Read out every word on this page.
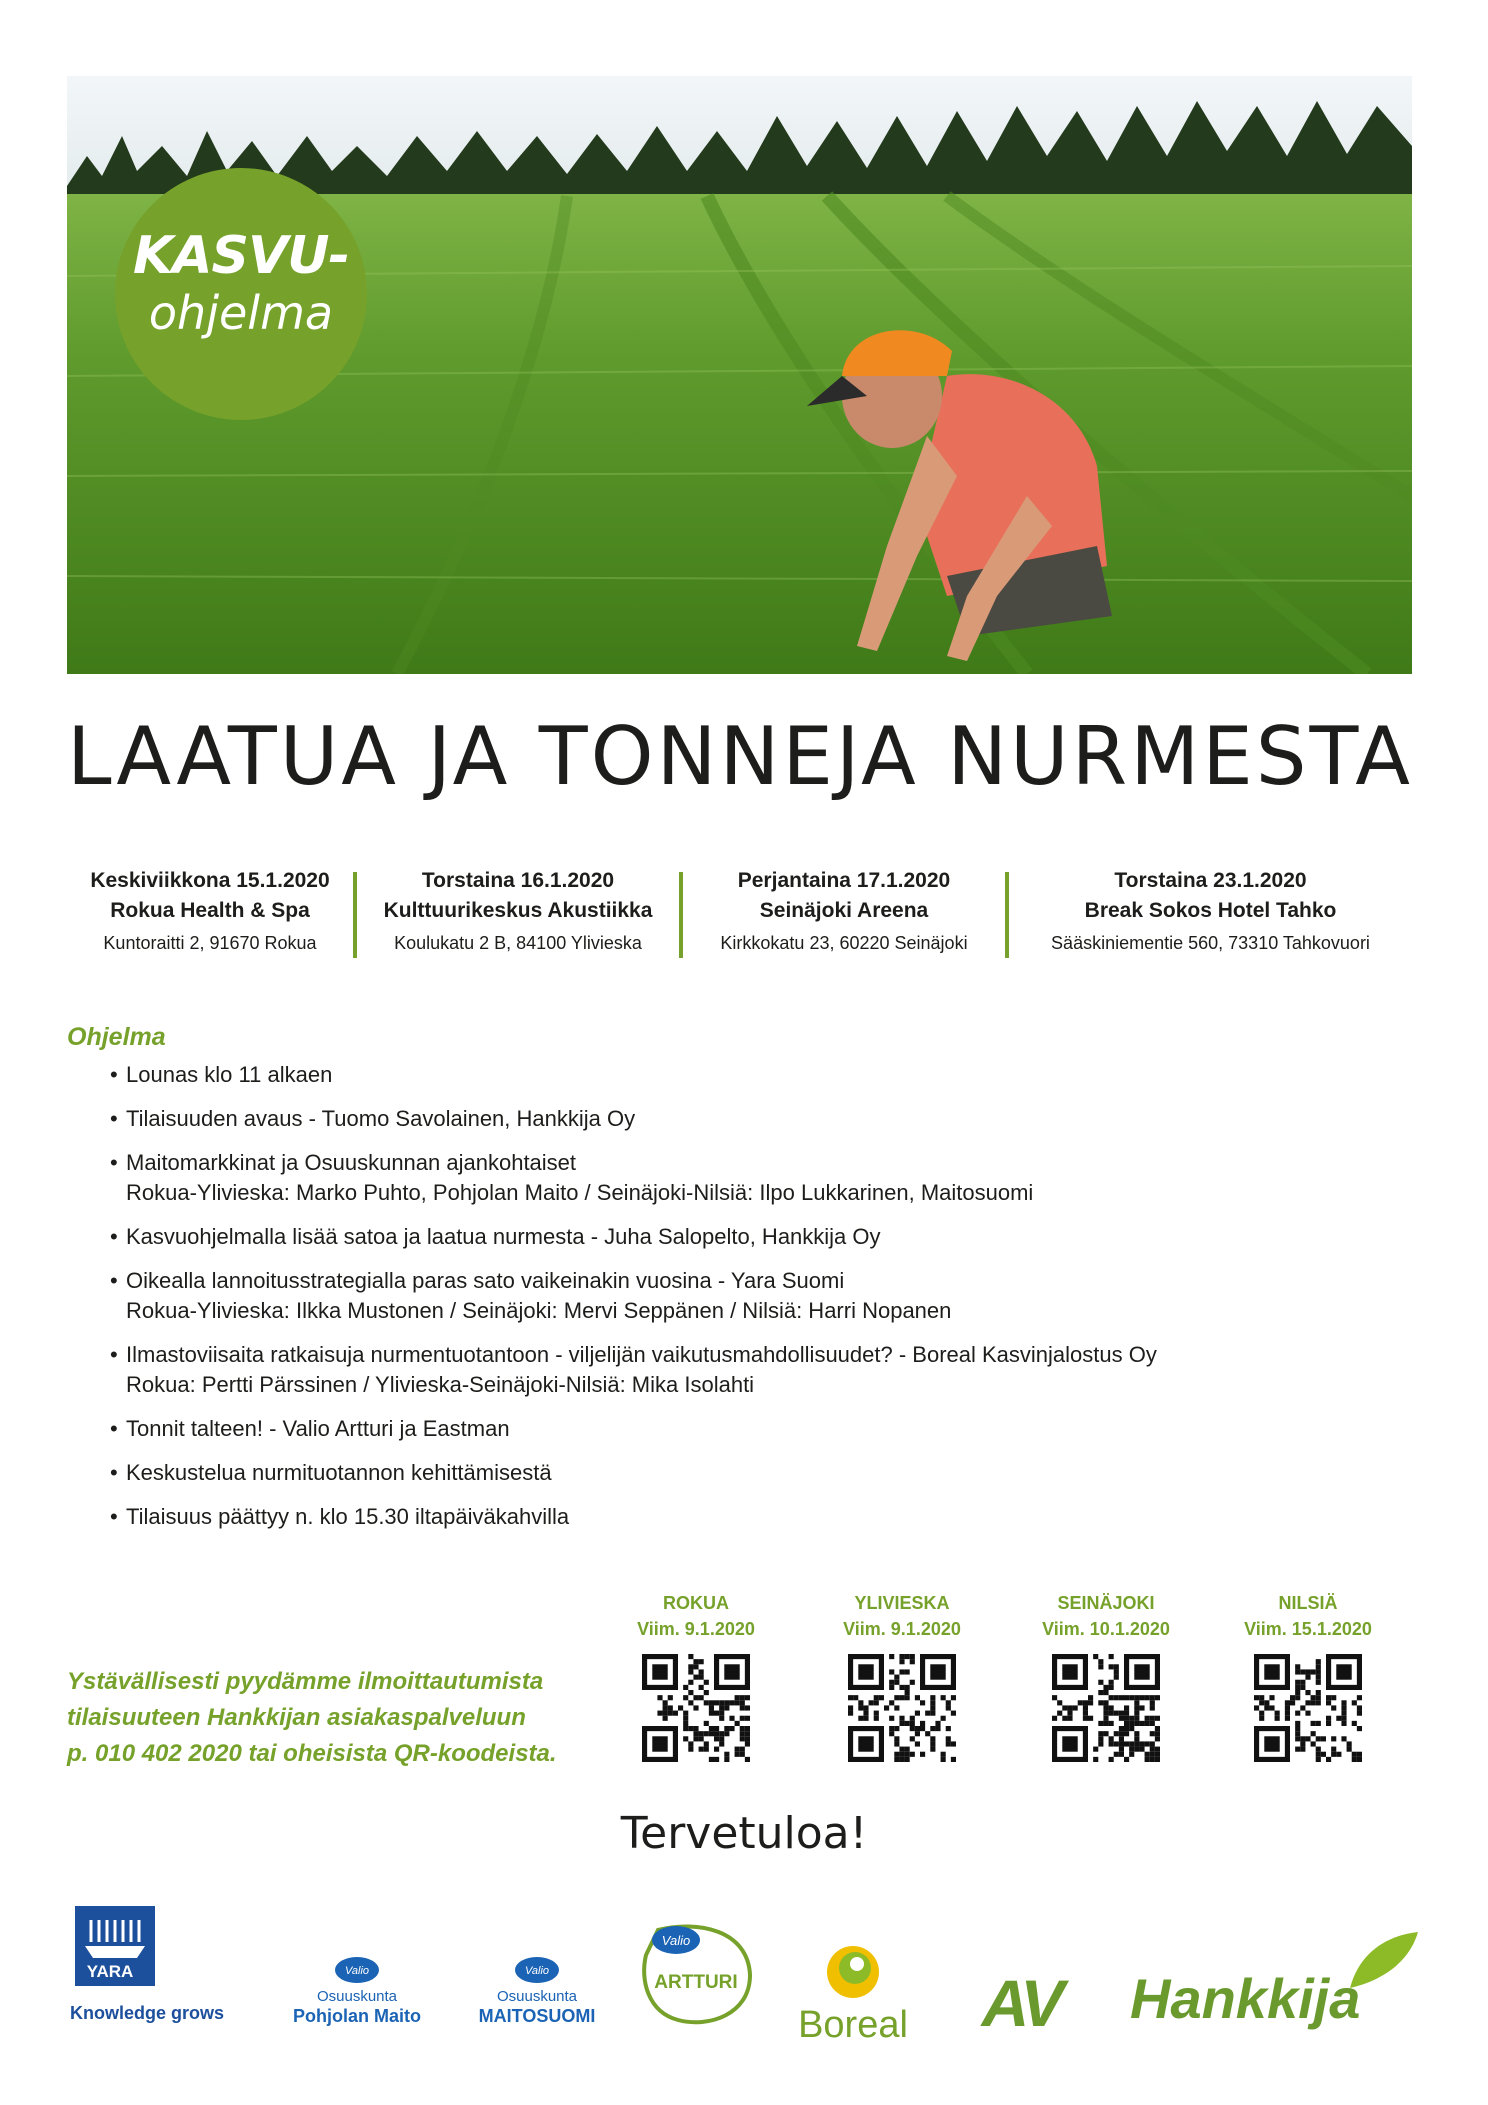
KASVU-
ohjelma
LAATUA JA TONNEJA NURMESTA
Keskiviikkona 15.1.2020
Rokua Health & Spa
Kuntoraitti 2, 91670 Rokua
Torstaina 16.1.2020
Kulttuurikeskus Akustiikka
Koulukatu 2 B, 84100 Ylivieska
Perjantaina 17.1.2020
Seinäjoki Areena
Kirkkokatu 23, 60220 Seinäjoki
Torstaina 23.1.2020
Break Sokos Hotel Tahko
Sääskiniementie 560, 73310 Tahkovuori
Ohjelma
• Lounas klo 11 alkaen
• Tilaisuuden avaus - Tuomo Savolainen, Hankkija Oy
• Maitomarkkinat ja Osuuskunnan ajankohtaiset
Rokua-Ylivieska: Marko Puhto, Pohjolan Maito / Seinäjoki-Nilsiä: Ilpo Lukkarinen, Maitosuomi
• Kasvuohjelmalla lisää satoa ja laatua nurmesta - Juha Salopelto, Hankkija Oy
• Oikealla lannoitusstrategialla paras sato vaikeinakin vuosina - Yara Suomi
Rokua-Ylivieska: Ilkka Mustonen / Seinäjoki: Mervi Seppänen / Nilsiä: Harri Nopanen
• Ilmastoviisaita ratkaisuja nurmentuotantoon - viljelijän vaikutusmahdollisuudet? - Boreal Kasvinjalostus Oy
Rokua: Pertti Pärssinen / Ylivieska-Seinäjoki-Nilsiä: Mika Isolahti
• Tonnit talteen! - Valio Artturi ja Eastman
• Keskustelua nurmituotannon kehittämisestä
• Tilaisuus päättyy n. klo 15.30 iltapäiväkahvilla
Ystävällisesti pyydämme ilmoittautumista
tilaisuuteen Hankkijan asiakaspalveluun
p. 010 402 2020 tai oheisista QR-koodeista.
ROKUA
Viim. 9.1.2020
YLIVIESKA
Viim. 9.1.2020
SEINÄJOKI
Viim. 10.1.2020
NILSIÄ
Viim. 15.1.2020
Tervetuloa!
YARA
Knowledge grows
Valio
Osuuskunta
Pohjolan Maito
Valio
Osuuskunta
MAITOSUOMI
Valio
ARTTURI
Boreal	AV	Hankkija
